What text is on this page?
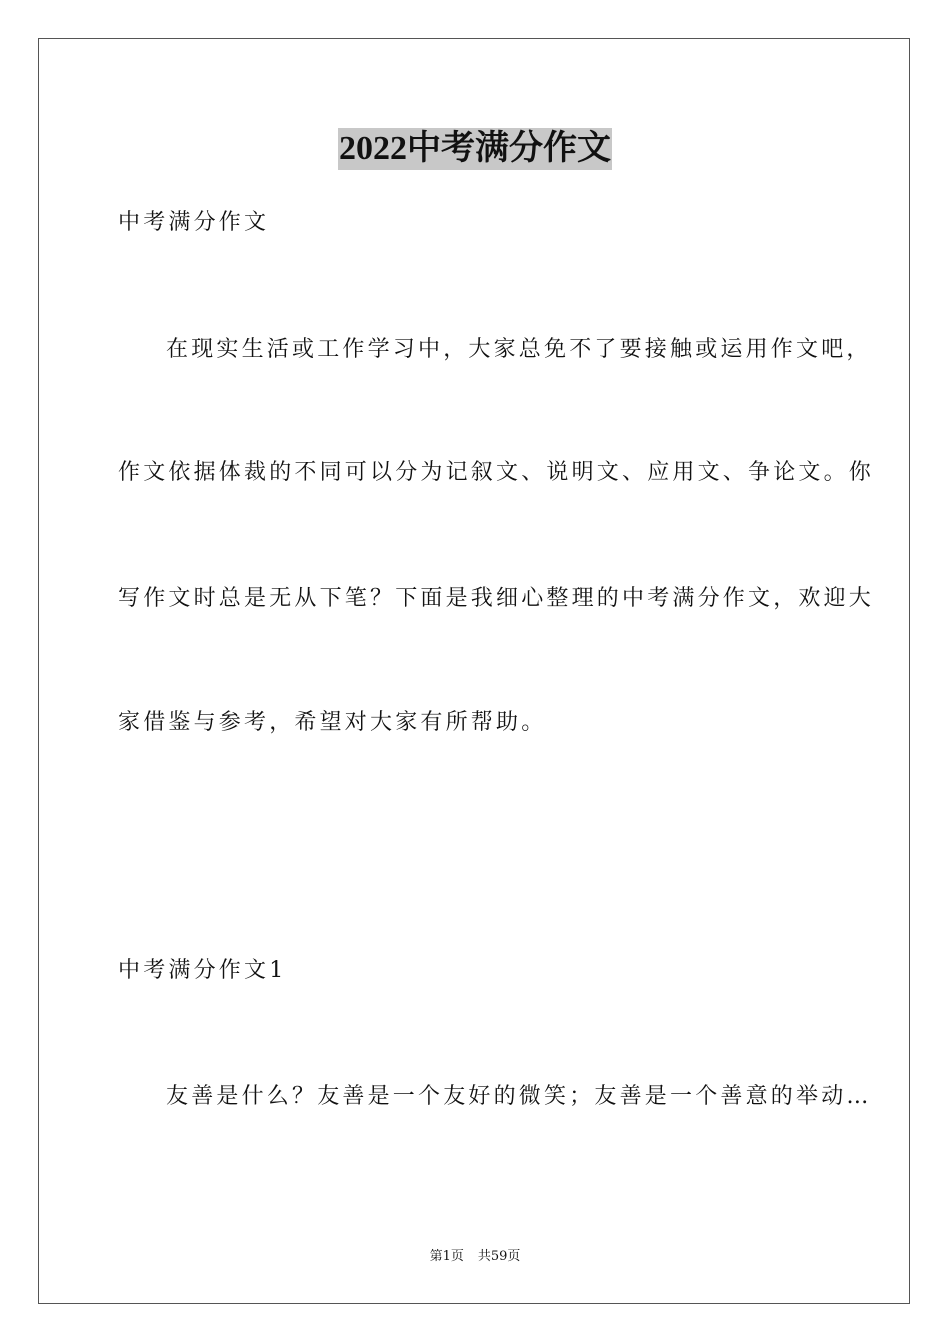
2022中考满分作文

中考满分作文

在现实生活或工作学习中，大家总免不了要接触或运用作文吧，

作文依据体裁的不同可以分为记叙文、说明文、应用文、争论文。你

写作文时总是无从下笔？下面是我细心整理的中考满分作文，欢迎大

家借鉴与参考，希望对大家有所帮助。

中考满分作文1

友善是什么？友善是一个友好的微笑；友善是一个善意的举动…

第1页 共59页
